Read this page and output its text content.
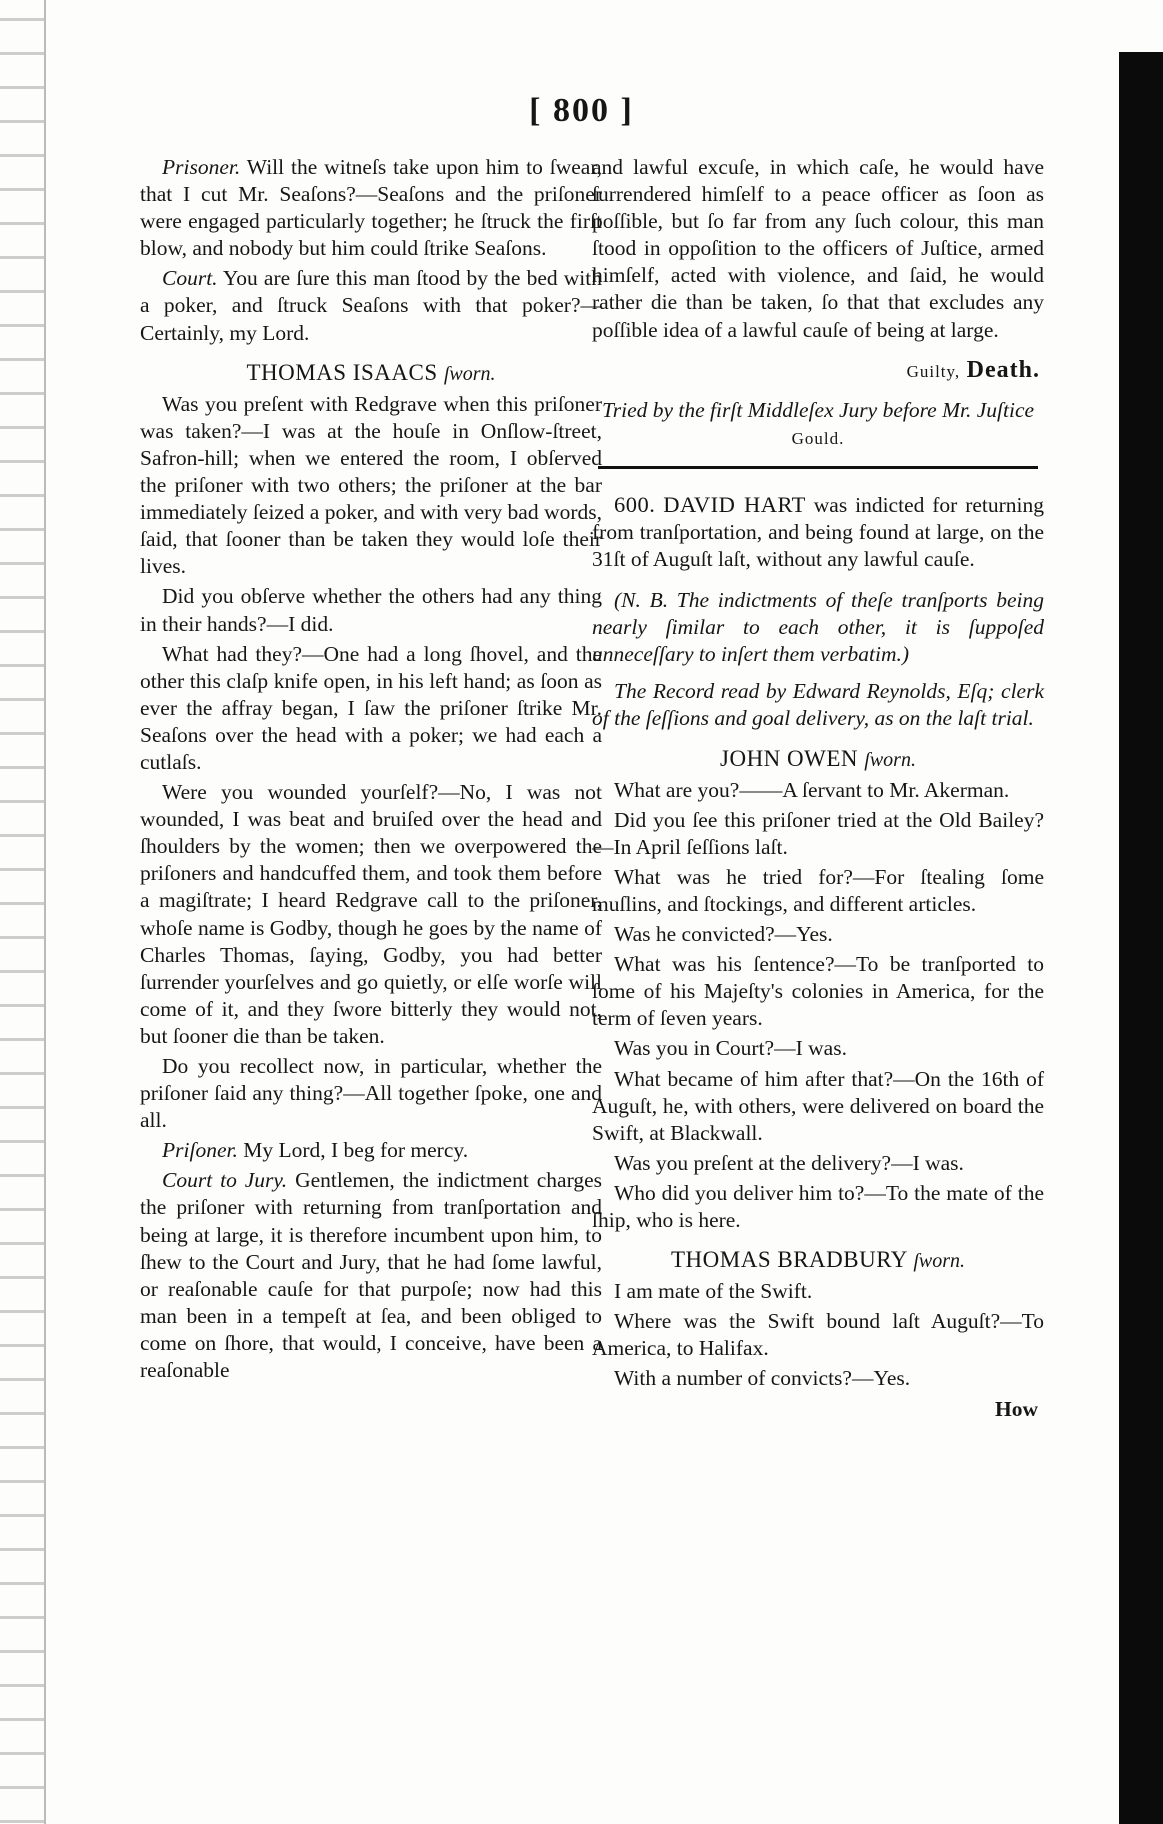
[ 800 ]

Prisoner. Will the witneſs take upon him to ſwear, that I cut Mr. Seaſons?—Seaſons and the priſoner were engaged particularly together; he ſtruck the firſt blow, and nobody but him could ſtrike Seaſons.

Court. You are ſure this man ſtood by the bed with a poker, and ſtruck Seaſons with that poker?—Certainly, my Lord.

THOMAS ISAACS ſworn.

Was you preſent with Redgrave when this priſoner was taken?—I was at the houſe in Onſlow-ſtreet, Safron-hill; when we entered the room, I obſerved the priſoner with two others; the priſoner at the bar immediately ſeized a poker, and with very bad words, ſaid, that ſooner than be taken they would loſe their lives.

Did you obſerve whether the others had any thing in their hands?—I did.

What had they?—One had a long ſhovel, and the other this claſp knife open, in his left hand; as ſoon as ever the affray began, I ſaw the priſoner ſtrike Mr. Seaſons over the head with a poker; we had each a cutlaſs.

Were you wounded yourſelf?—No, I was not wounded, I was beat and bruiſed over the head and ſhoulders by the women; then we overpowered the priſoners and handcuffed them, and took them before a magiſtrate; I heard Redgrave call to the priſoner, whoſe name is Godby, though he goes by the name of Charles Thomas, ſaying, Godby, you had better ſurrender yourſelves and go quietly, or elſe worſe will come of it, and they ſwore bitterly they would not, but ſooner die than be taken.

Do you recollect now, in particular, whether the priſoner ſaid any thing?—All together ſpoke, one and all.

Priſoner. My Lord, I beg for mercy.

Court to Jury. Gentlemen, the indictment charges the priſoner with returning from tranſportation and being at large, it is therefore incumbent upon him, to ſhew to the Court and Jury, that he had ſome lawful, or reaſonable cauſe for that purpoſe; now had this man been in a tempeſt at ſea, and been obliged to come on ſhore, that would, I conceive, have been a reaſonable

and lawful excuſe, in which caſe, he would have ſurrendered himſelf to a peace officer as ſoon as poſſible, but ſo far from any ſuch colour, this man ſtood in oppoſition to the officers of Juſtice, armed himſelf, acted with violence, and ſaid, he would rather die than be taken, ſo that that excludes any poſſible idea of a lawful cauſe of being at large.

Guilty, Death.
Tried by the firſt Middleſex Jury before Mr. Juſtice Gould.

600. DAVID HART was indicted for returning from tranſportation, and being found at large, on the 31ſt of Auguſt laſt, without any lawful cauſe.

(N. B. The indictments of theſe tranſports being nearly ſimilar to each other, it is ſuppoſed unneceſſary to inſert them verbatim.)

The Record read by Edward Reynolds, Eſq; clerk of the ſeſſions and goal delivery, as on the laſt trial.

JOHN OWEN ſworn.

What are you?——A ſervant to Mr. Akerman.

Did you ſee this priſoner tried at the Old Bailey?—In April ſeſſions laſt.

What was he tried for?—For ſtealing ſome muſlins, and ſtockings, and different articles.

Was he convicted?—Yes.

What was his ſentence?—To be tranſported to ſome of his Majeſty's colonies in America, for the term of ſeven years.

Was you in Court?—I was.

What became of him after that?—On the 16th of Auguſt, he, with others, were delivered on board the Swift, at Blackwall.

Was you preſent at the delivery?—I was.

Who did you deliver him to?—To the mate of the ſhip, who is here.

THOMAS BRADBURY ſworn.

I am mate of the Swift.

Where was the Swift bound laſt Auguſt?—To America, to Halifax.

With a number of convicts?—Yes.

How
